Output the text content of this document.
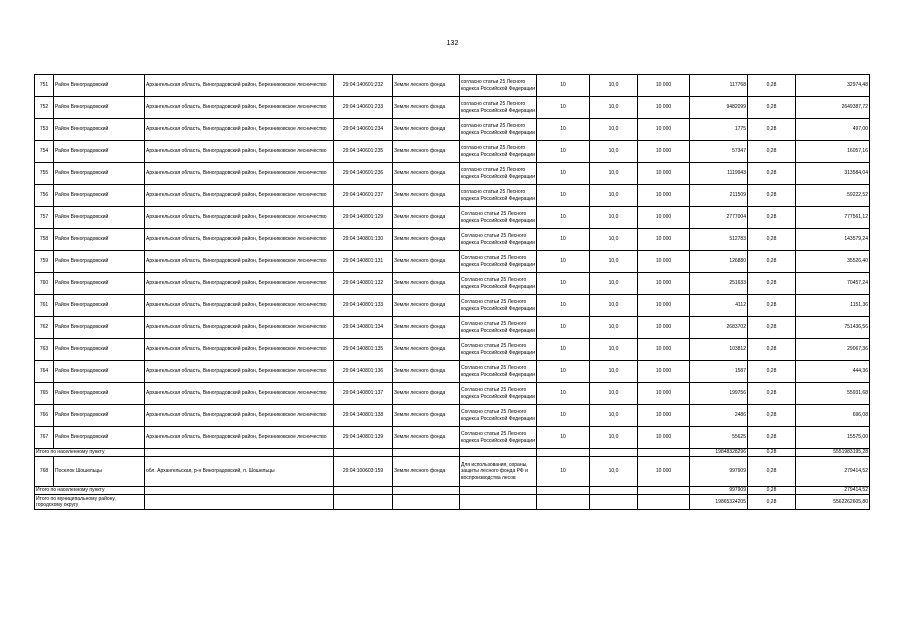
132
751	Район Виноградовский	Архангельская область, Виноградовский район, Березниковское лесничество	29:04:140601:232	Земли лесного фонда	согласно статьи 25 Лесного кодекса Российской Федерации	10	10,0	10 000	117768	0,28	32974,48
752	Район Виноградовский	Архангельская область, Виноградовский район, Березниковское лесничество	29:04:140601:233	Земли лесного фонда	согласно статьи 25 Лесного кодекса Российской Федерации	10	10,0	10 000	9482099	0,28	2649387,72
753	Район Виноградовский	Архангельская область, Виноградовский район, Березниковское лесничество	29:04:140601:234	Земли лесного фонда	согласно статьи 25 Лесного кодекса Российской Федерации	10	10,0	10 000	1775	0,28	497,00
754	Район Виноградовский	Архангельская область, Виноградовский район, Березниковское лесничество	29:04:140601:235	Земли лесного фонда	согласно статьи 25 Лесного кодекса Российской Федерации	10	10,0	10 000	57347	0,28	16057,16
755	Район Виноградовский	Архангельская область, Виноградовский район, Березниковское лесничество	29:04:140601:236	Земли лесного фонда	согласно статьи 25 Лесного кодекса Российской Федерации	10	10,0	10 000	1119943	0,28	313584,04
756	Район Виноградовский	Архангельская область, Виноградовский район, Березниковское лесничество	29:04:140601:237	Земли лесного фонда	согласно статьи 25 Лесного кодекса Российской Федерации	10	10,0	10 000	211509	0,28	59222,52
757	Район Виноградовский	Архангельская область, Виноградовский район, Березниковское лесничество	29:04:140801:129	Земли лесного фонда	Согласно статьи 25 Лесного кодекса Российской Федерации	10	10,0	10 000	2777004	0,28	777561,12
758	Район Виноградовский	Архангельская область, Виноградовский район, Березниковское лесничество	29:04:140801:130	Земли лесного фонда	Согласно статьи 25 Лесного кодекса Российской Федерации	10	10,0	10 000	512783	0,28	143579,24
759	Район Виноградовский	Архангельская область, Виноградовский район, Березниковское лесничество	29:04:140801:131	Земли лесного фонда	Согласно статьи 25 Лесного кодекса Российской Федерации	10	10,0	10 000	126880	0,28	35526,40
760	Район Виноградовский	Архангельская область, Виноградовский район, Березниковское лесничество	29:04:140801:132	Земли лесного фонда	Согласно статьи 25 Лесного кодекса Российской Федерации	10	10,0	10 000	251633	0,28	70457,24
761	Район Виноградовский	Архангельская область, Виноградовский район, Березниковское лесничество	29:04:140801:133	Земли лесного фонда	Согласно статьи 25 Лесного кодекса Российской Федерации	10	10,0	10 000	4112	0,28	1151,36
762	Район Виноградовский	Архангельская область, Виноградовский район, Березниковское лесничество	29:04:140801:134	Земли лесного фонда	Согласно статьи 25 Лесного кодекса Российской Федерации	10	10,0	10 000	2683702	0,28	751436,56
763	Район Виноградовский	Архангельская область, Виноградовский район, Березниковское лесничество	29:04:140801:135	Земли лесного фонда	Согласно статьи 25 Лесного кодекса Российской Федерации	10	10,0	10 000	103812	0,28	29067,36
764	Район Виноградовский	Архангельская область, Виноградовский район, Березниковское лесничество	29:04:140801:136	Земли лесного фонда	Согласно статьи 25 Лесного кодекса Российской Федерации	10	10,0	10 000	1587	0,28	444,36
765	Район Виноградовский	Архангельская область, Виноградовский район, Березниковское лесничество	29:04:140801:137	Земли лесного фонда	Согласно статьи 25 Лесного кодекса Российской Федерации	10	10,0	10 000	199756	0,28	55931,68
766	Район Виноградовский	Архангельская область, Виноградовский район, Березниковское лесничество	29:04:140801:138	Земли лесного фонда	Согласно статьи 25 Лесного кодекса Российской Федерации	10	10,0	10 000	2486	0,28	696,08
767	Район Виноградовский	Архангельская область, Виноградовский район, Березниковское лесничество	29:04:140801:139	Земли лесного фонда	Согласно статьи 25 Лесного кодекса Российской Федерации	10	10,0	10 000	55625	0,28	15575,00
Итого по населенному пункту									19848328296	0,28	5551983195,28
768	Поселок Шошельцы	обл. Архангельская, р-н Виноградовский, п. Шошельцы	29:04:100603:159	Земли лесного фонда	Для использования, охраны, защиты лесного фонда РФ и воспроизводства лесов	10	10,0	10 000	997909	0,28	279414,52
Итого по населенному пункту									997909	0,28	279414,52
Итого по муниципальному району, городскому округу									19865324205	0,28	5562262605,80
